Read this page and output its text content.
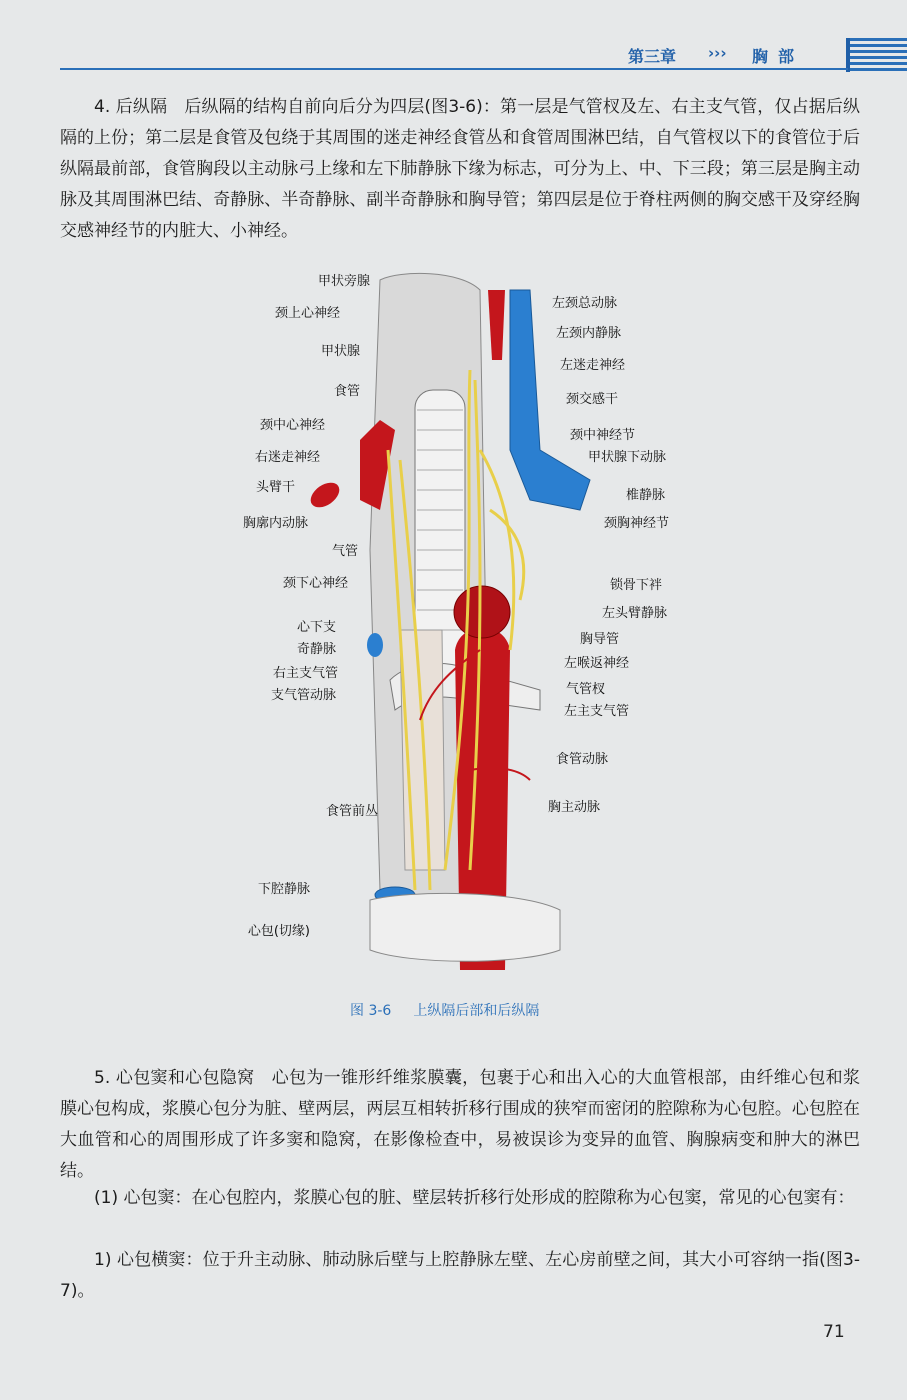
第三章 ››› 胸部

4. 后纵隔　后纵隔的结构自前向后分为四层(图3-6)：第一层是气管杈及左、右主支气管，仅占据后纵隔的上份；第二层是食管及包绕于其周围的迷走神经食管丛和食管周围淋巴结，自气管杈以下的食管位于后纵隔最前部，食管胸段以主动脉弓上缘和左下肺静脉下缘为标志，可分为上、中、下三段；第三层是胸主动脉及其周围淋巴结、奇静脉、半奇静脉、副半奇静脉和胸导管；第四层是位于脊柱两侧的胸交感干及穿经胸交感神经节的内脏大、小神经。

甲状旁腺
颈上心神经
甲状腺
食管
颈中心神经
右迷走神经
头臂干
胸廓内动脉
气管
颈下心神经
心下支
奇静脉
右主支气管
支气管动脉
食管前丛
下腔静脉
心包(切缘)
左颈总动脉
左颈内静脉
左迷走神经
颈交感干
颈中神经节
甲状腺下动脉
椎静脉
颈胸神经节
锁骨下袢
左头臂静脉
胸导管
左喉返神经
气管杈
左主支气管
食管动脉
胸主动脉
图 3-6 上纵隔后部和后纵隔

5. 心包窦和心包隐窝　心包为一锥形纤维浆膜囊，包裹于心和出入心的大血管根部，由纤维心包和浆膜心包构成，浆膜心包分为脏、壁两层，两层互相转折移行围成的狭窄而密闭的腔隙称为心包腔。心包腔在大血管和心的周围形成了许多窦和隐窝，在影像检查中，易被误诊为变异的血管、胸腺病变和肿大的淋巴结。

(1) 心包窦：在心包腔内，浆膜心包的脏、壁层转折移行处形成的腔隙称为心包窦，常见的心包窦有：

1) 心包横窦：位于升主动脉、肺动脉后壁与上腔静脉左壁、左心房前壁之间，其大小可容纳一指(图3-7)。

71
